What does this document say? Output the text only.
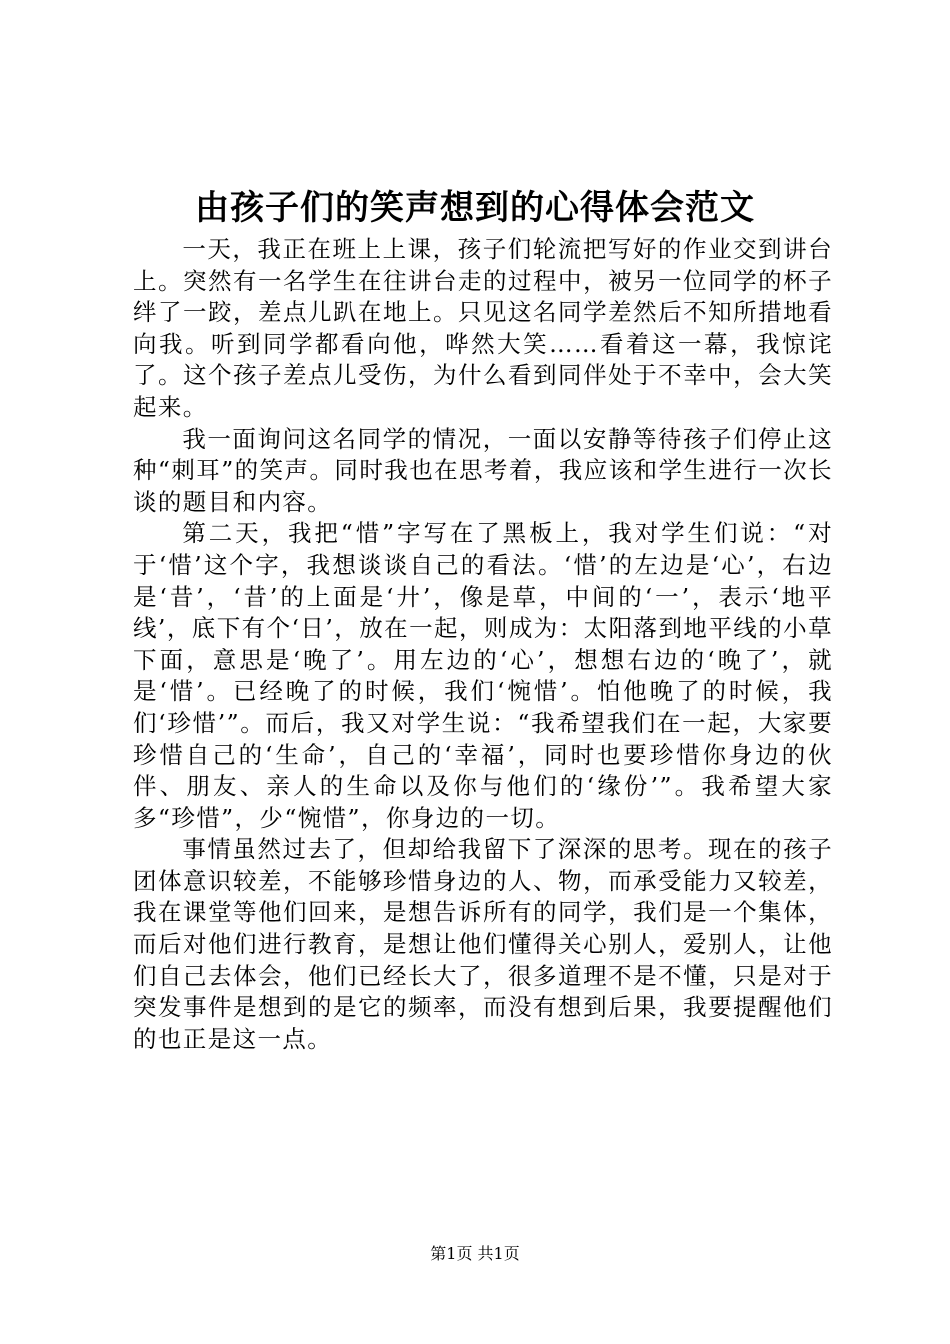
由孩子们的笑声想到的心得体会范文

一天，我正在班上上课，孩子们轮流把写好的作业交到讲台上。突然有一名学生在往讲台走的过程中，被另一位同学的杯子绊了一跤，差点儿趴在地上。只见这名同学差然后不知所措地看向我。听到同学都看向他，哗然大笑……看着这一幕，我惊诧了。这个孩子差点儿受伤，为什么看到同伴处于不幸中，会大笑起来。

我一面询问这名同学的情况，一面以安静等待孩子们停止这种“刺耳”的笑声。同时我也在思考着，我应该和学生进行一次长谈的题目和内容。

第二天，我把“惜”字写在了黑板上，我对学生们说：“对于‘惜’这个字，我想谈谈自己的看法。‘惜’的左边是‘心’，右边是‘昔’，‘昔’的上面是‘廾’，像是草，中间的‘一’，表示‘地平线’，底下有个‘日’，放在一起，则成为：太阳落到地平线的小草下面，意思是‘晚了’。用左边的‘心’，想想右边的‘晚了’，就是‘惜’。已经晚了的时候，我们‘惋惜’。怕他晚了的时候，我们‘珍惜’”。而后，我又对学生说：“我希望我们在一起，大家要珍惜自己的‘生命’，自己的‘幸福’，同时也要珍惜你身边的伙伴、朋友、亲人的生命以及你与他们的‘缘份’”。我希望大家多“珍惜”，少“惋惜”，你身边的一切。

事情虽然过去了，但却给我留下了深深的思考。现在的孩子团体意识较差，不能够珍惜身边的人、物，而承受能力又较差，我在课堂等他们回来，是想告诉所有的同学，我们是一个集体，而后对他们进行教育，是想让他们懂得关心别人，爱别人，让他们自己去体会，他们已经长大了，很多道理不是不懂，只是对于突发事件是想到的是它的频率，而没有想到后果，我要提醒他们的也正是这一点。

第1页 共1页
